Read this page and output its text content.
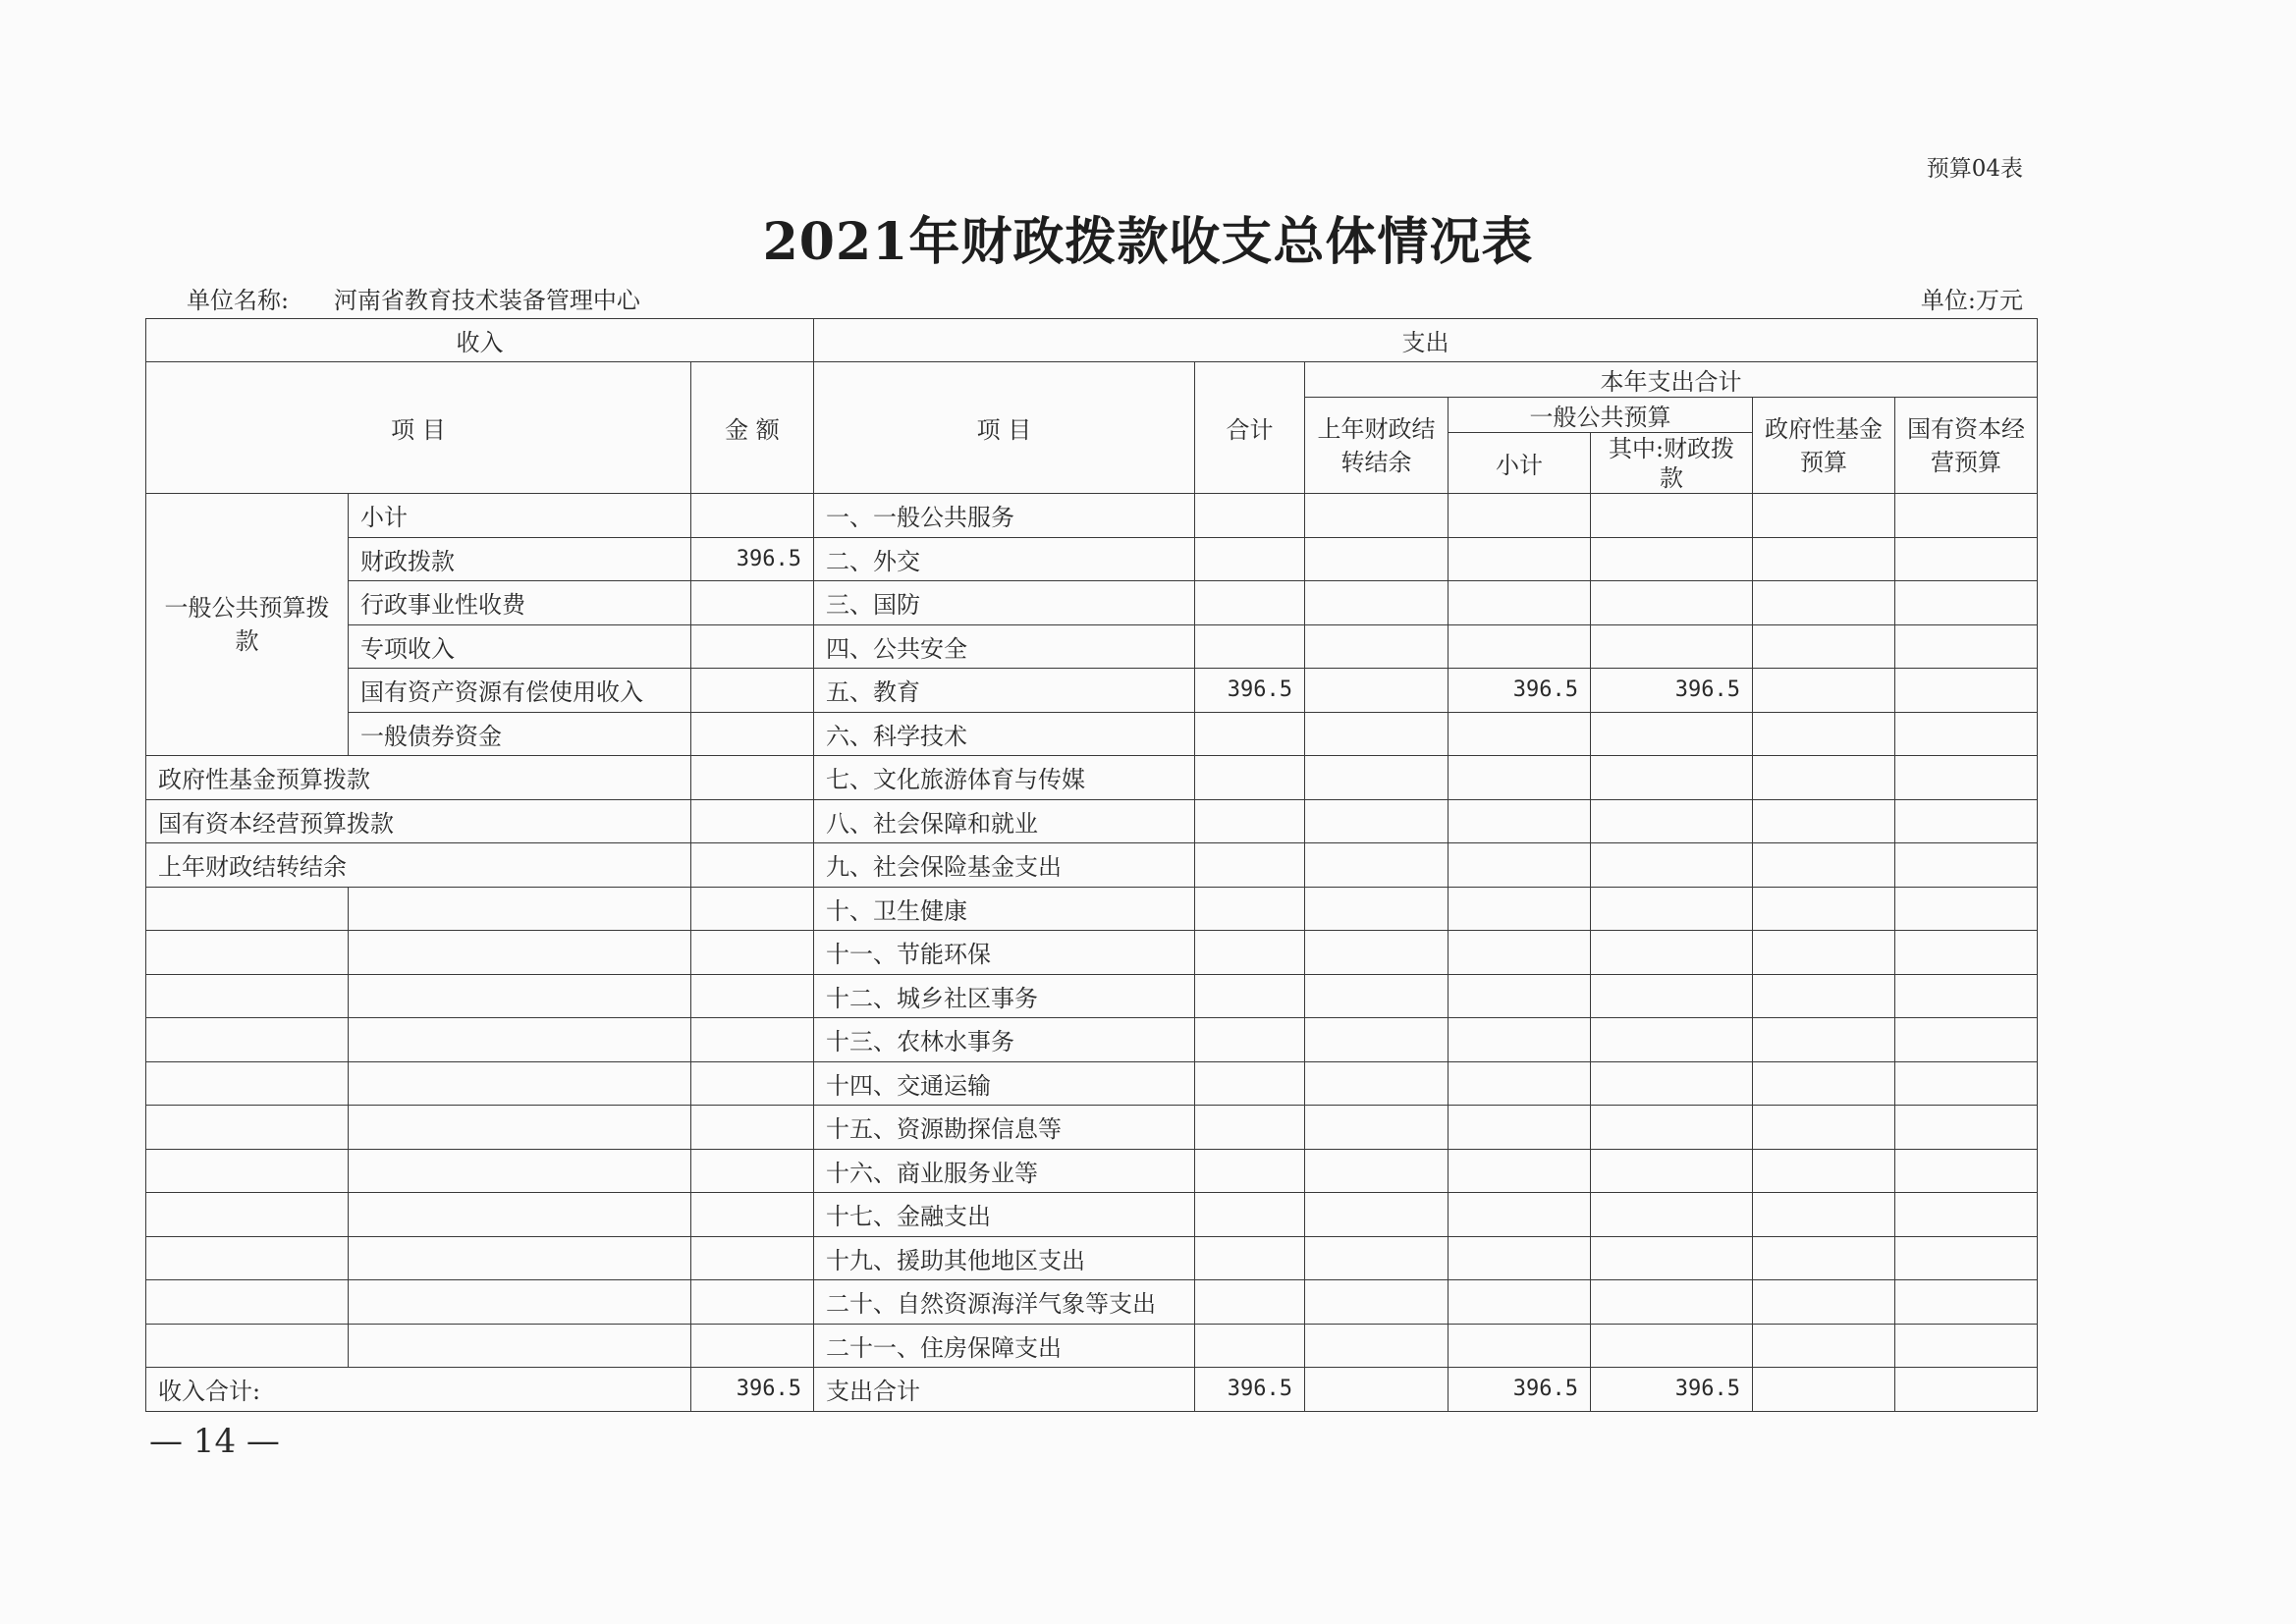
预算04表
2021年财政拨款收支总体情况表
单位名称: 河南省教育技术装备管理中心	单位:万元
收入			支出						
项 目		金 额	项 目	合计	本年支出合计				
					上年财政结转结余	一般公共预算		政府性基金预算	国有资本经营预算
						小计	其中:财政拨款		
一般公共预算拨款	小计		一、一般公共服务						
	财政拨款	396.5	二、外交						
	行政事业性收费		三、国防						
	专项收入		四、公共安全						
	国有资产资源有偿使用收入		五、教育	396.5		396.5	396.5		
	一般债券资金		六、科学技术						
政府性基金预算拨款			七、文化旅游体育与传媒						
国有资本经营预算拨款			八、社会保障和就业						
上年财政结转结余			九、社会保险基金支出						
			十、卫生健康						
			十一、节能环保						
			十二、城乡社区事务						
			十三、农林水事务						
			十四、交通运输						
			十五、资源勘探信息等						
			十六、商业服务业等						
			十七、金融支出						
			十九、援助其他地区支出						
			二十、自然资源海洋气象等支出						
			二十一、住房保障支出						
收入合计:		396.5	支出合计	396.5		396.5	396.5		
— 14 —
